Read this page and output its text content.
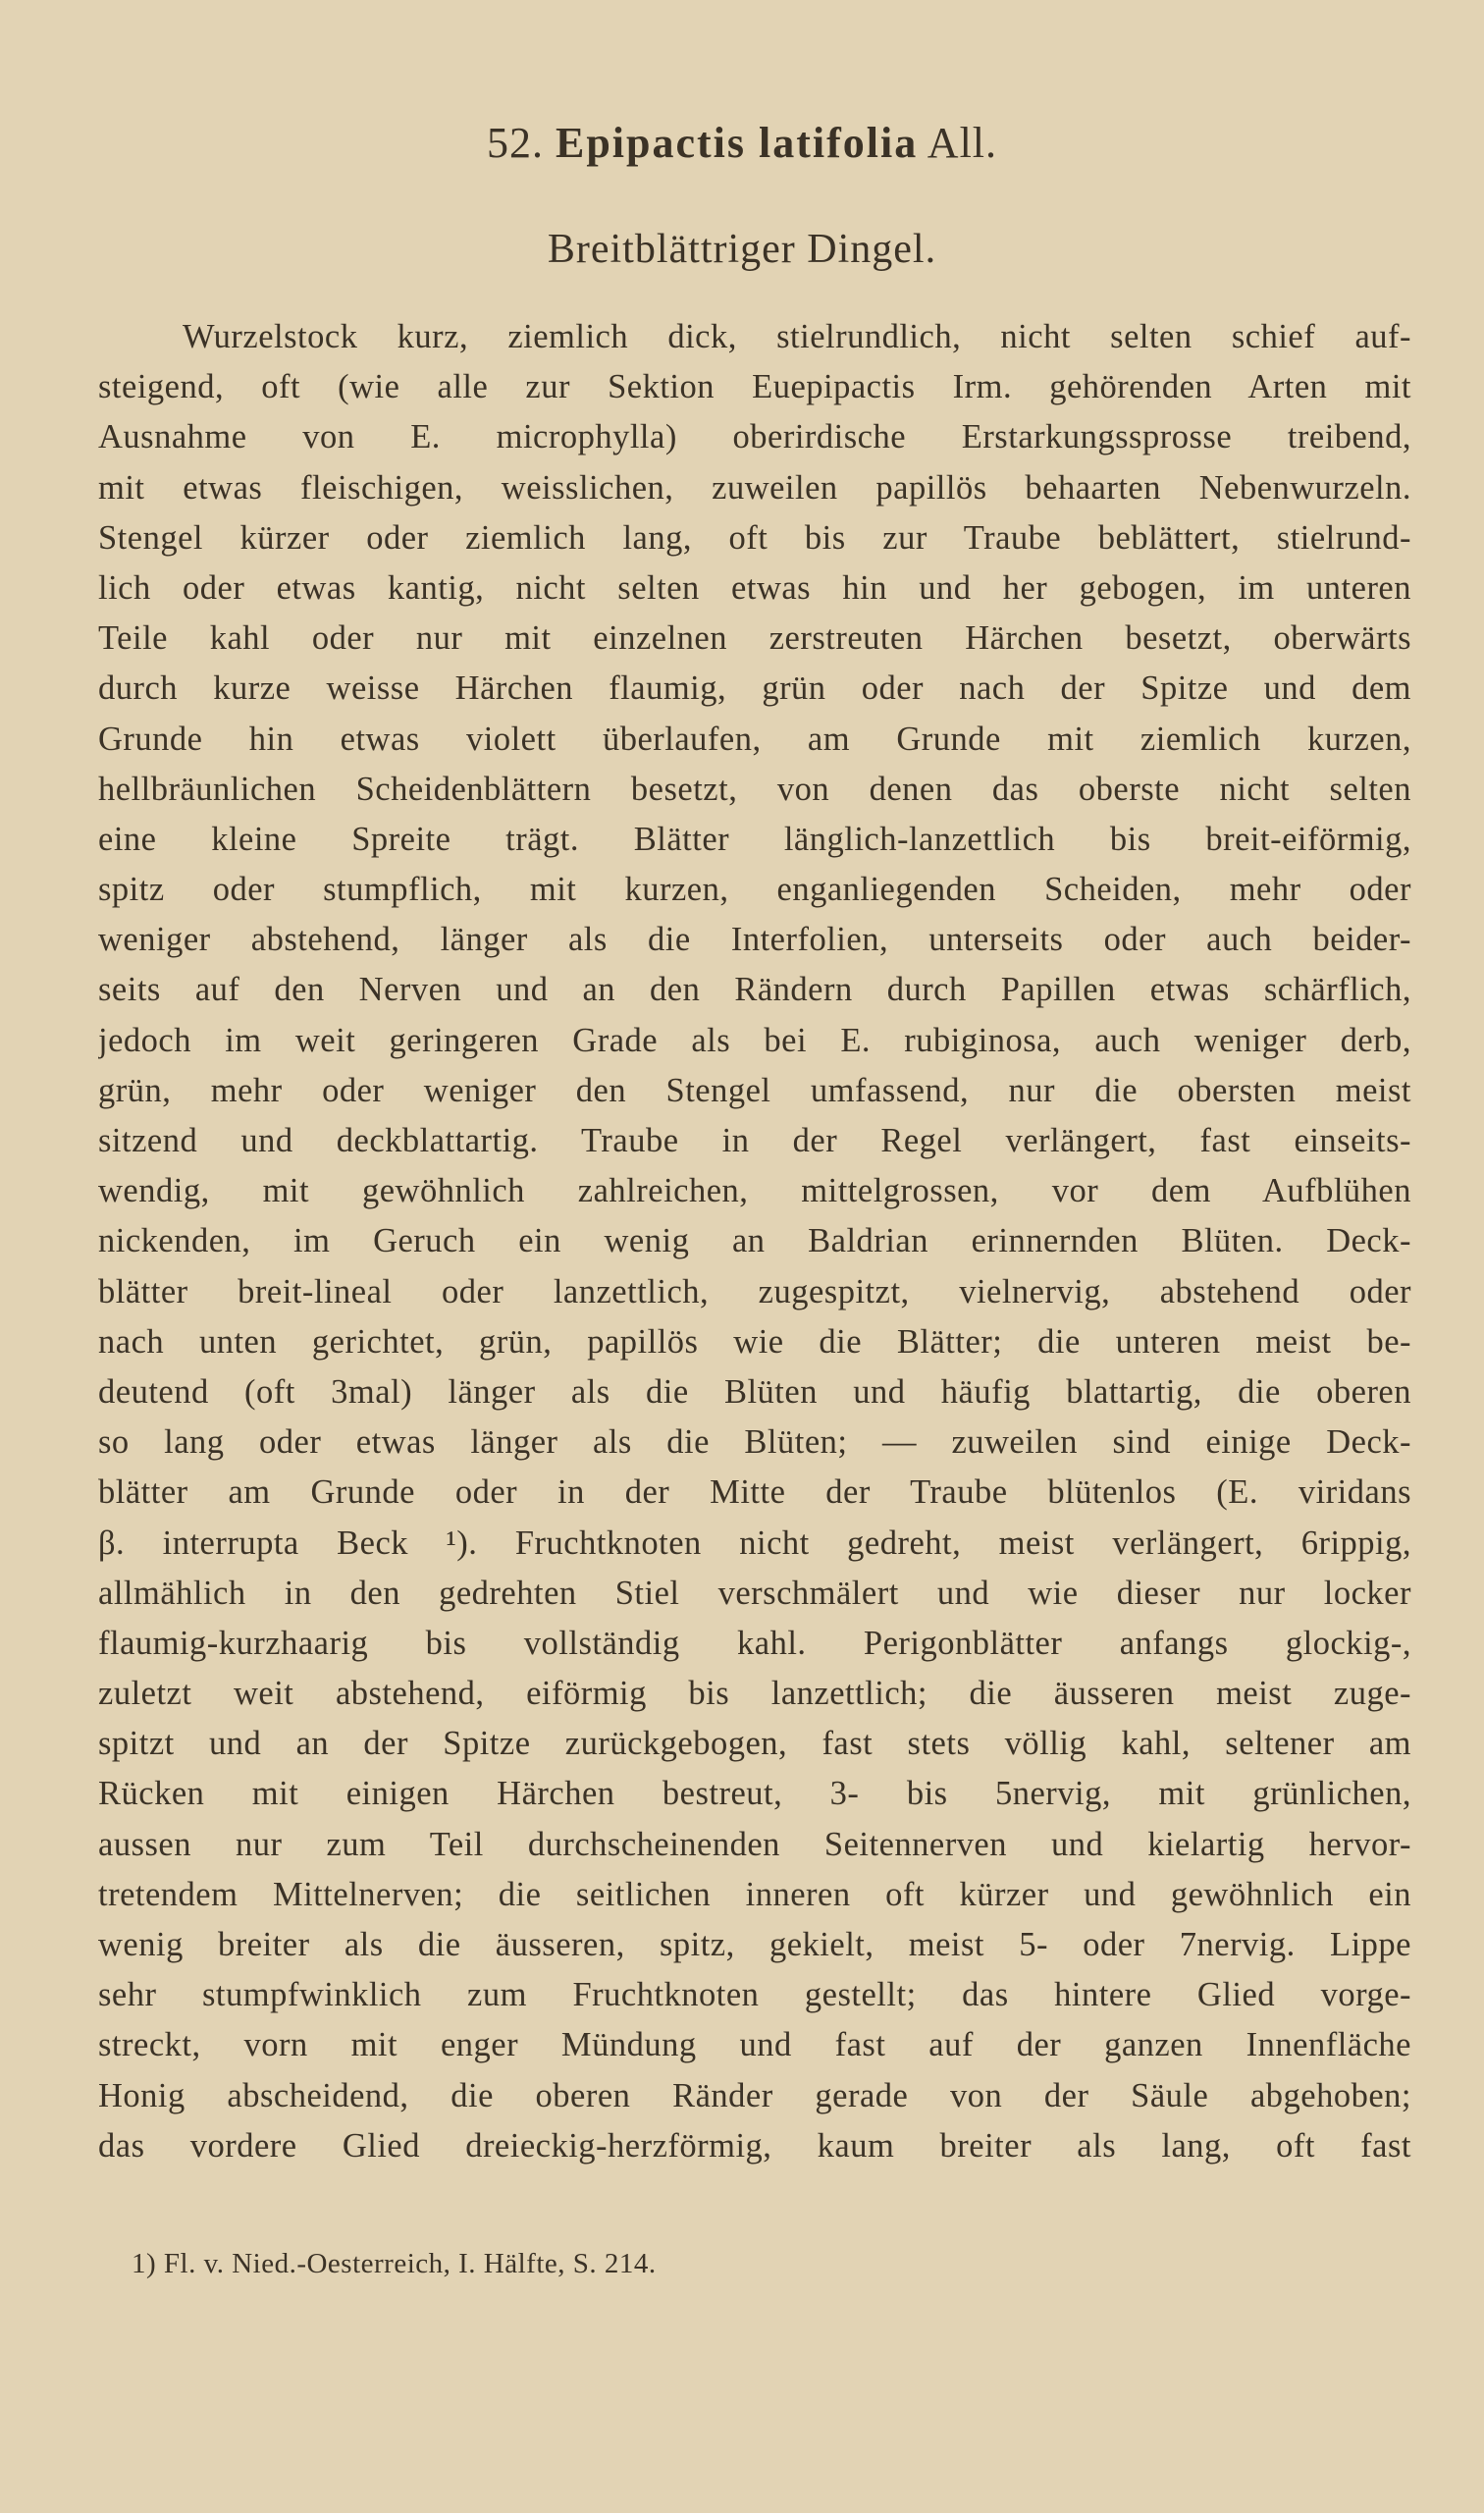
52. Epipactis latifolia All.
Breitblättriger Dingel.
Wurzelstock kurz, ziemlich dick, stielrundlich, nicht selten schief auf-
steigend, oft (wie alle zur Sektion Euepipactis Irm. gehörenden Arten mit
Ausnahme von E. microphylla) oberirdische Erstarkungssprosse treibend,
mit etwas fleischigen, weisslichen, zuweilen papillös behaarten Nebenwurzeln.
Stengel kürzer oder ziemlich lang, oft bis zur Traube beblättert, stielrund-
lich oder etwas kantig, nicht selten etwas hin und her gebogen, im unteren
Teile kahl oder nur mit einzelnen zerstreuten Härchen besetzt, oberwärts
durch kurze weisse Härchen flaumig, grün oder nach der Spitze und dem
Grunde hin etwas violett überlaufen, am Grunde mit ziemlich kurzen,
hellbräunlichen Scheidenblättern besetzt, von denen das oberste nicht selten
eine kleine Spreite trägt. Blätter länglich-lanzettlich bis breit-eiförmig,
spitz oder stumpflich, mit kurzen, enganliegenden Scheiden, mehr oder
weniger abstehend, länger als die Interfolien, unterseits oder auch beider-
seits auf den Nerven und an den Rändern durch Papillen etwas schärflich,
jedoch im weit geringeren Grade als bei E. rubiginosa, auch weniger derb,
grün, mehr oder weniger den Stengel umfassend, nur die obersten meist
sitzend und deckblattartig. Traube in der Regel verlängert, fast einseits-
wendig, mit gewöhnlich zahlreichen, mittelgrossen, vor dem Aufblühen
nickenden, im Geruch ein wenig an Baldrian erinnernden Blüten. Deck-
blätter breit-lineal oder lanzettlich, zugespitzt, vielnervig, abstehend oder
nach unten gerichtet, grün, papillös wie die Blätter; die unteren meist be-
deutend (oft 3mal) länger als die Blüten und häufig blattartig, die oberen
so lang oder etwas länger als die Blüten; — zuweilen sind einige Deck-
blätter am Grunde oder in der Mitte der Traube blütenlos (E. viridans
β. interrupta Beck ¹). Fruchtknoten nicht gedreht, meist verlängert, 6rippig,
allmählich in den gedrehten Stiel verschmälert und wie dieser nur locker
flaumig-kurzhaarig bis vollständig kahl. Perigonblätter anfangs glockig-,
zuletzt weit abstehend, eiförmig bis lanzettlich; die äusseren meist zuge-
spitzt und an der Spitze zurückgebogen, fast stets völlig kahl, seltener am
Rücken mit einigen Härchen bestreut, 3- bis 5nervig, mit grünlichen,
aussen nur zum Teil durchscheinenden Seitennerven und kielartig hervor-
tretendem Mittelnerven; die seitlichen inneren oft kürzer und gewöhnlich ein
wenig breiter als die äusseren, spitz, gekielt, meist 5- oder 7nervig. Lippe
sehr stumpfwinklich zum Fruchtknoten gestellt; das hintere Glied vorge-
streckt, vorn mit enger Mündung und fast auf der ganzen Innenfläche
Honig abscheidend, die oberen Ränder gerade von der Säule abgehoben;
das vordere Glied dreieckig-herzförmig, kaum breiter als lang, oft fast
1) Fl. v. Nied.-Oesterreich, I. Hälfte, S. 214.
